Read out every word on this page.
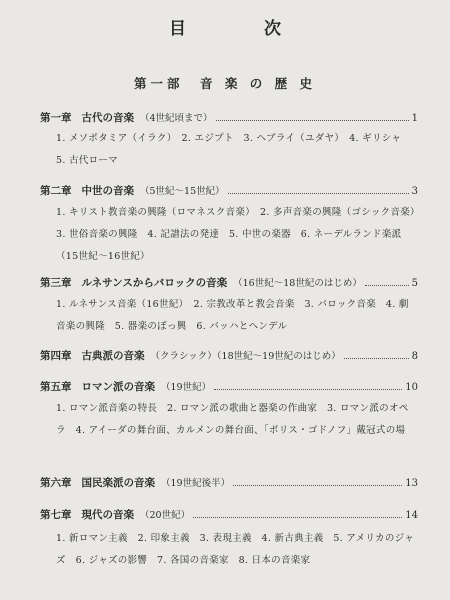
目 次
第一部　音 楽 の 歴 史
第一章 古代の音楽 （4世紀頃まで）	1
1. メソポタミア（イラク）　2. エジプト　3. ヘブライ（ユダヤ）　4. ギリシャ　5. 古代ローマ
第二章 中世の音楽 （5世紀〜15世紀）	3
1. キリスト教音楽の興隆（ロマネスク音楽）　2. 多声音楽の興隆（ゴシック音楽）　3. 世俗音楽の興隆　4. 記譜法の発達　5. 中世の楽器　6. ネーデルランド楽派（15世紀〜16世紀）
第三章 ルネサンスからバロックの音楽 （16世紀〜18世紀のはじめ）	5
1. ルネサンス音楽（16世紀）　2. 宗教改革と教会音楽　3. バロック音楽　4. 劇音楽の興隆　5. 器楽のぼっ興　6. バッハとヘンデル
第四章 古典派の音楽 （クラシック）（18世紀〜19世紀のはじめ）	8
第五章 ロマン派の音楽 （19世紀）	10
1. ロマン派音楽の特長　2. ロマン派の歌曲と器楽の作曲家　3. ロマン派のオペラ　4. アイーダの舞台面、カルメンの舞台面、「ボリス・ゴドノフ」戴冠式の場
第六章 国民楽派の音楽 （19世紀後半）	13
第七章 現代の音楽 （20世紀）	14
1. 新ロマン主義　2. 印象主義　3. 表現主義　4. 新古典主義　5. アメリカのジャズ　6. ジャズの影響　7. 各国の音楽家　8. 日本の音楽家
